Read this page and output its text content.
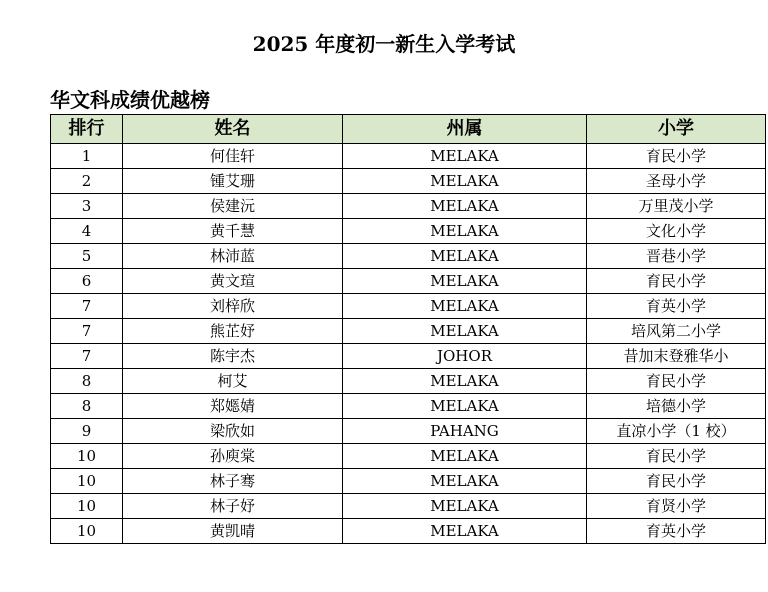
2025 年度初一新生入学考试
华文科成绩优越榜
排行	姓名	州属	小学
1	何佳轩	MELAKA	育民小学
2	锺艾珊	MELAKA	圣母小学
3	侯建沅	MELAKA	万里茂小学
4	黄千慧	MELAKA	文化小学
5	林沛蓝	MELAKA	晋巷小学
6	黄文瑄	MELAKA	育民小学
7	刘梓欣	MELAKA	育英小学
7	熊芷妤	MELAKA	培风第二小学
7	陈宇杰	JOHOR	昔加末登雅华小
8	柯艾	MELAKA	育民小学
8	郑嫕婧	MELAKA	培德小学
9	梁欣如	PAHANG	直凉小学（1 校）
10	孙庾棠	MELAKA	育民小学
10	林子骞	MELAKA	育民小学
10	林子妤	MELAKA	育贤小学
10	黄凯晴	MELAKA	育英小学
